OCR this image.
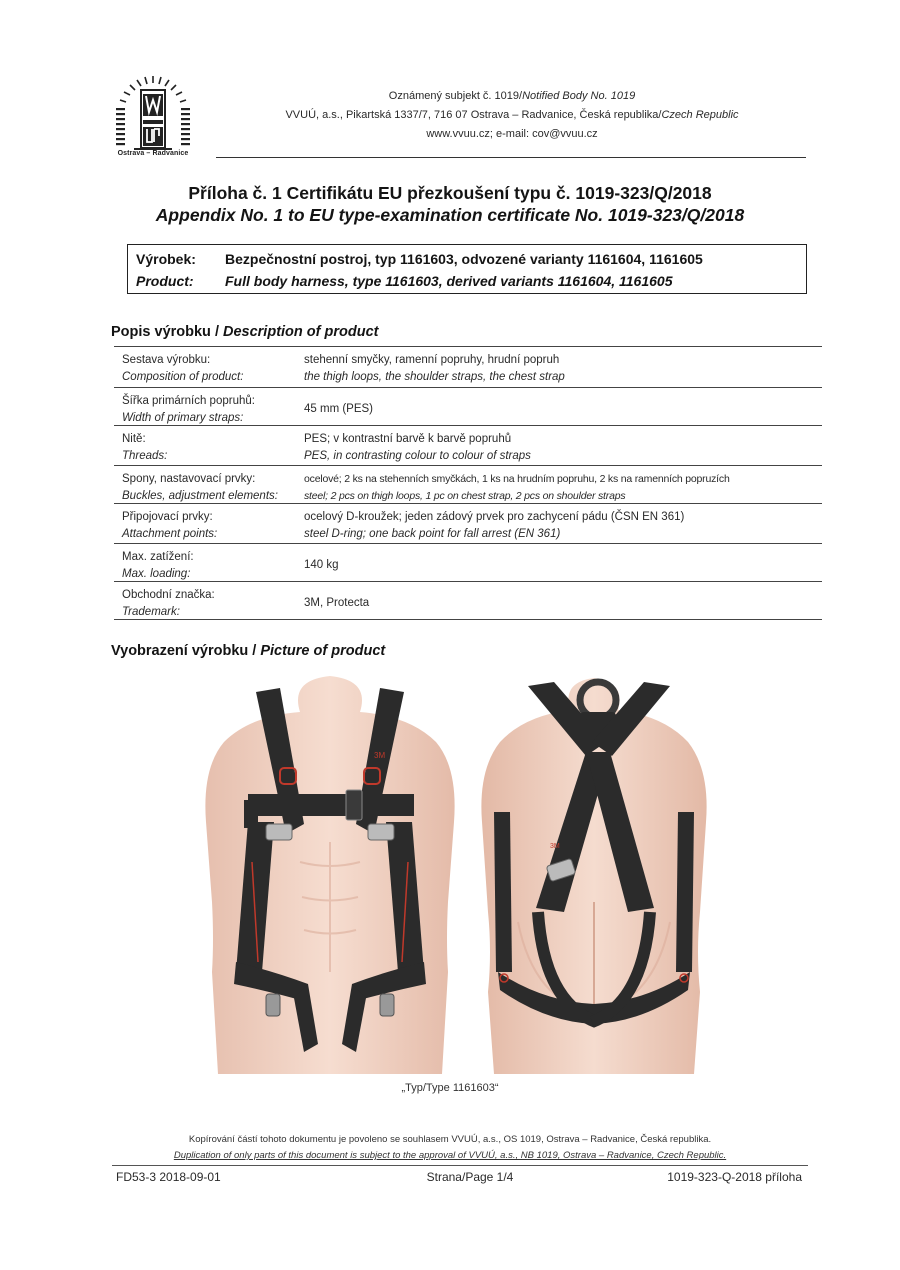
Ostrava – Radvanice
Oznámený subjekt č. 1019/Notified Body No. 1019
VVUÚ, a.s., Pikartská 1337/7, 716 07 Ostrava – Radvanice, Česká republika/Czech Republic
www.vvuu.cz; e-mail: cov@vvuu.cz
Příloha č. 1 Certifikátu EU přezkoušení typu č. 1019-323/Q/2018
Appendix No. 1 to EU type-examination certificate No. 1019-323/Q/2018
Výrobek: Bezpečnostní postroj, typ 1161603, odvozené varianty 1161604, 1161605
Product: Full body harness, type 1161603, derived variants 1161604, 1161605
Popis výrobku / Description of product
Sestava výrobku:
Composition of product:
stehenní smyčky, ramenní popruhy, hrudní popruh
the thigh loops, the shoulder straps, the chest strap
Šířka primárních popruhů:
Width of primary straps:
45 mm (PES)
Nitě:
Threads:
PES; v kontrastní barvě k barvě popruhů
PES, in contrasting colour to colour of straps
Spony, nastavovací prvky:
Buckles, adjustment elements:
ocelové; 2 ks na stehenních smyčkách, 1 ks na hrudním popruhu, 2 ks na ramenních popruzích
steel; 2 pcs on thigh loops, 1 pc on chest strap, 2 pcs on shoulder straps
Připojovací prvky:
Attachment points:
ocelový D-kroužek; jeden zádový prvek pro zachycení pádu (ČSN EN 361)
steel D-ring; one back point for fall arrest (EN 361)
Max. zatížení:
Max. loading:
140 kg
Obchodní značka:
Trademark:
3M, Protecta
Vyobrazení výrobku / Picture of product
3M
3M
„Typ/Type 1161603“
Kopírování částí tohoto dokumentu je povoleno se souhlasem VVUÚ, a.s., OS 1019, Ostrava – Radvanice, Česká republika.
Duplication of only parts of this document is subject to the approval of VVUÚ, a.s., NB 1019, Ostrava – Radvanice, Czech Republic.
FD53-3 2018-09-01	Strana/Page 1/4	1019-323-Q-2018 příloha
